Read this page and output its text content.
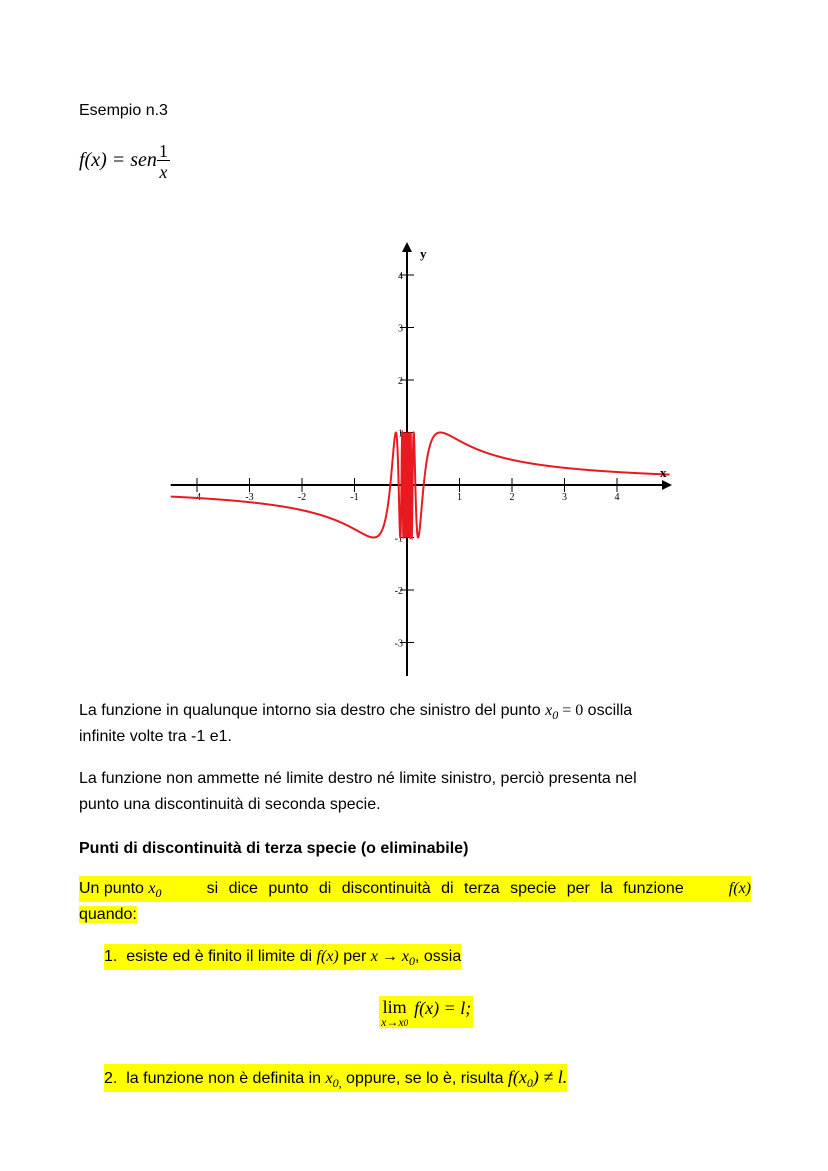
Esempio n.3
f(x) = sen $\frac{1}{x}$
-4	-3	-2	-1	1	2	3	4
4
3
2
1
-1
-2
-3
x
y
La funzione in qualunque intorno sia destro che sinistro del punto $x_0 = 0$ oscilla
infinite volte tra -1 e1.
La funzione non ammette né limite destro né limite sinistro, perciò presenta nel
punto una discontinuità di seconda specie.
Punti di discontinuità di terza specie (o eliminabile)
Un punto $x_0$	si dice punto di discontinuità di terza specie per la funzione	f(x)
quando:
1. esiste ed è finito il limite di f(x) per $x \to x_0$, ossia
lim
x→x0
f(x) = l;
2. la funzione non è definita in $x_{0,}$ oppure, se lo è, risulta $f(x_0) \ne l$.
